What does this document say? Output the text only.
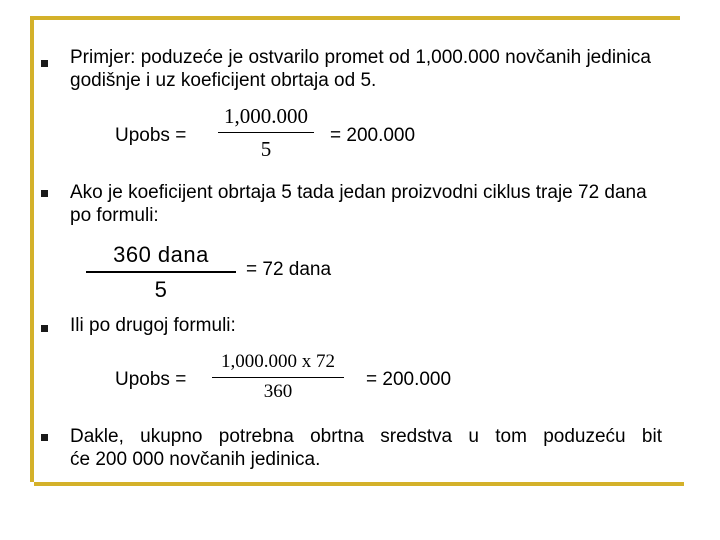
Primjer: poduzeće je ostvarilo promet od 1,000.000 novčanih jedinica godišnje i uz koeficijent obrtaja od 5.
Upobs =
1,000.000
5
= 200.000
Ako je koeficijent obrtaja 5 tada jedan proizvodni ciklus traje 72 dana po formuli:
360 dana
5
= 72 dana
Ili po drugoj formuli:
Upobs =
1,000.000 x 72
360
= 200.000
Dakle, ukupno potrebna obrtna sredstva u tom poduzeću bit
će 200 000 novčanih jedinica.
